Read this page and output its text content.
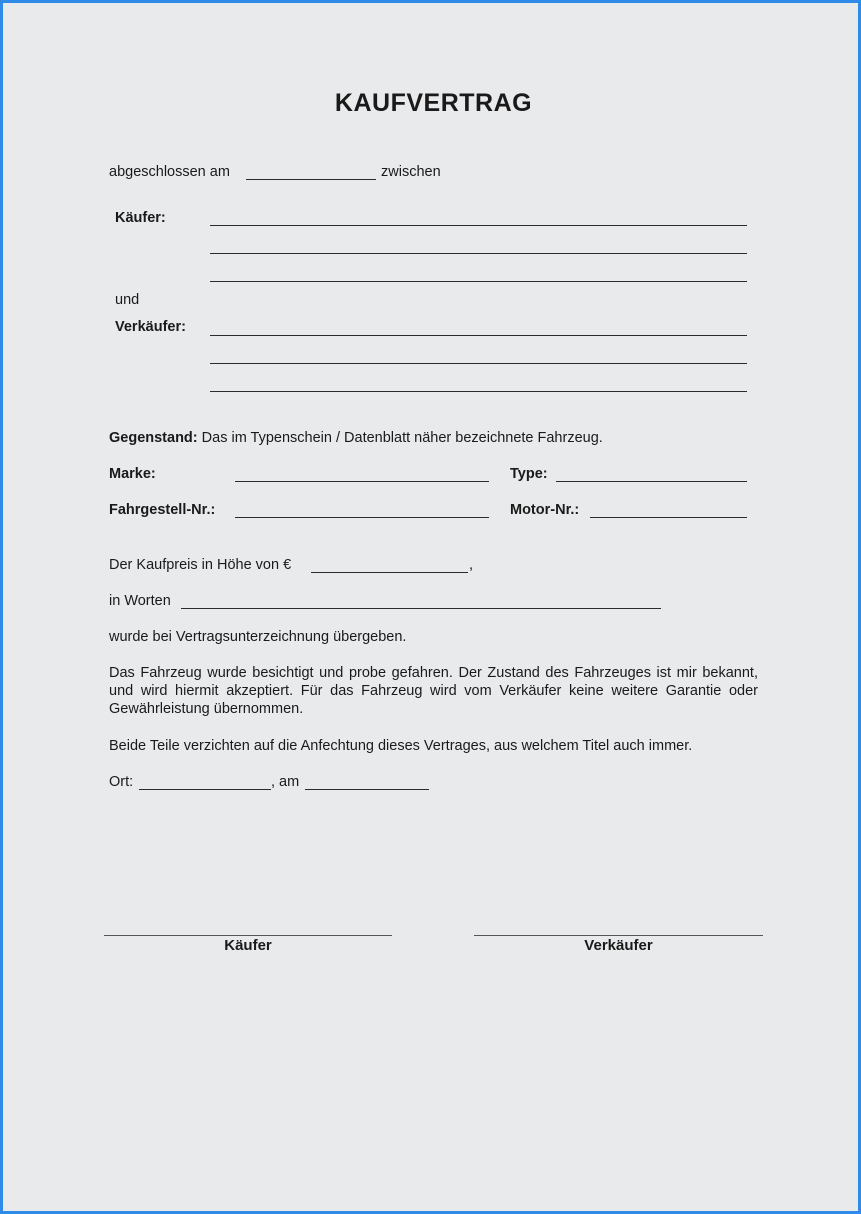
KAUFVERTRAG
abgeschlossen am	zwischen
Käufer:
und
Verkäufer:
Gegenstand: Das im Typenschein / Datenblatt näher bezeichnete Fahrzeug.
Marke:	Type:
Fahrgestell-Nr.:	Motor-Nr.:
Der Kaufpreis in Höhe von €	,
in Worten
wurde bei Vertragsunterzeichnung übergeben.
Das Fahrzeug wurde besichtigt und probe gefahren. Der Zustand des Fahrzeuges ist mir bekannt, und wird hiermit akzeptiert. Für das Fahrzeug wird vom Verkäufer keine weitere Garantie oder Gewährleistung übernommen.
Beide Teile verzichten auf die Anfechtung dieses Vertrages, aus welchem Titel auch immer.
Ort:	, am
Käufer	Verkäufer
